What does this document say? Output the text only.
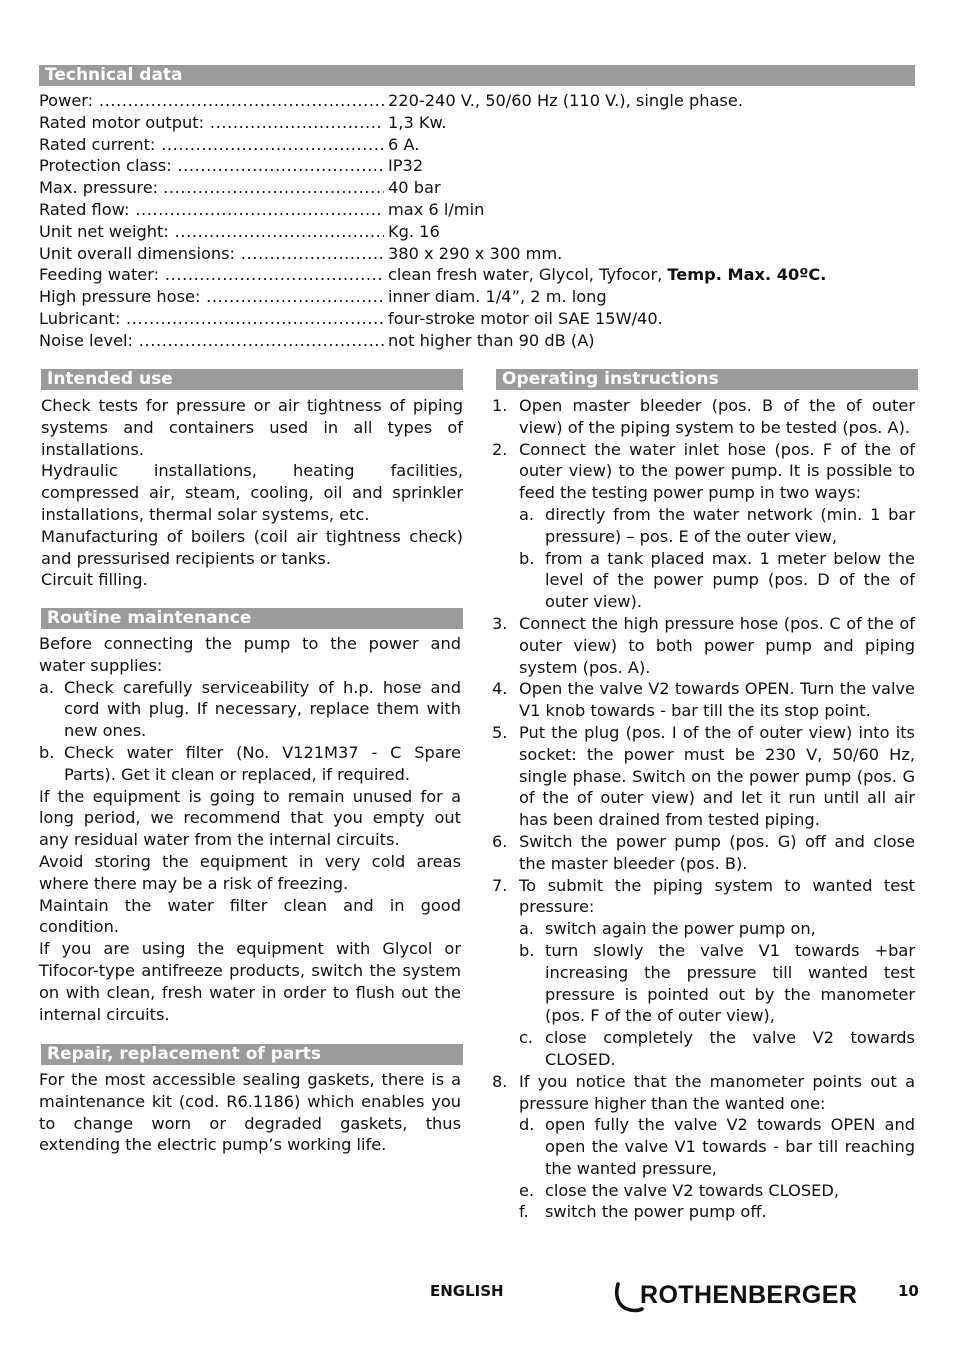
Technical data
Power: .....	220-240 V., 50/60 Hz (110 V.), single phase.
Rated motor output: .....	1,3 Kw.
Rated current: .....	6 A.
Protection class: .....	IP32
Max. pressure: .....	40 bar
Rated flow: .....	max 6 l/min
Unit net weight: .....	Kg. 16
Unit overall dimensions: .....	380 x 290 x 300 mm.
Feeding water: .....	clean fresh water, Glycol, Tyfocor, Temp. Max. 40ºC.
High pressure hose: .....	inner diam. 1/4”, 2 m. long
Lubricant: .....	four-stroke motor oil SAE 15W/40.
Noise level: .....	not higher than 90 dB (A)
Intended use

Check tests for pressure or air tightness of piping systems and containers used in all types of installations.

Hydraulic installations, heating facilities, compressed air, steam, cooling, oil and sprinkler installations, thermal solar systems, etc.

Manufacturing of boilers (coil air tightness check) and pressurised recipients or tanks.

Circuit filling.

Routine maintenance

Before connecting the pump to the power and water supplies:

a. Check carefully serviceability of h.p. hose and cord with plug. If necessary, replace them with new ones.
b. Check water filter (No. V121M37 - C Spare Parts). Get it clean or replaced, if required.

If the equipment is going to remain unused for a long period, we recommend that you empty out any residual water from the internal circuits.

Avoid storing the equipment in very cold areas where there may be a risk of freezing.

Maintain the water filter clean and in good condition.

If you are using the equipment with Glycol or Tifocor-type antifreeze products, switch the system on with clean, fresh water in order to flush out the internal circuits.

Repair, replacement of parts

For the most accessible sealing gaskets, there is a maintenance kit (cod. R6.1186) which enables you to change worn or degraded gaskets, thus extending the electric pump’s working life.

Operating instructions
1. Open master bleeder (pos. B of the of outer view) of the piping system to be tested (pos. A).
2. Connect the water inlet hose (pos. F of the of outer view) to the power pump. It is possible to feed the testing power pump in two ways:
a. directly from the water network (min. 1 bar pressure) – pos. E of the outer view,
b. from a tank placed max. 1 meter below the level of the power pump (pos. D of the of outer view).
3. Connect the high pressure hose (pos. C of the of outer view) to both power pump and piping system (pos. A).
4. Open the valve V2 towards OPEN. Turn the valve V1 knob towards - bar till the its stop point.
5. Put the plug (pos. I of the of outer view) into its socket: the power must be 230 V, 50/60 Hz, single phase. Switch on the power pump (pos. G of the of outer view) and let it run until all air has been drained from tested piping.
6. Switch the power pump (pos. G) off and close the master bleeder (pos. B).
7. To submit the piping system to wanted test pressure:
a. switch again the power pump on,
b. turn slowly the valve V1 towards +bar increasing the pressure till wanted test pressure is pointed out by the manometer (pos. F of the of outer view),
c. close completely the valve V2 towards CLOSED.
8. If you notice that the manometer points out a pressure higher than the wanted one:
d. open fully the valve V2 towards OPEN and open the valve V1 towards - bar till reaching the wanted pressure,
e. close the valve V2 towards CLOSED,
f.	switch the power pump off.
ENGLISH	ROTHENBERGER	10
